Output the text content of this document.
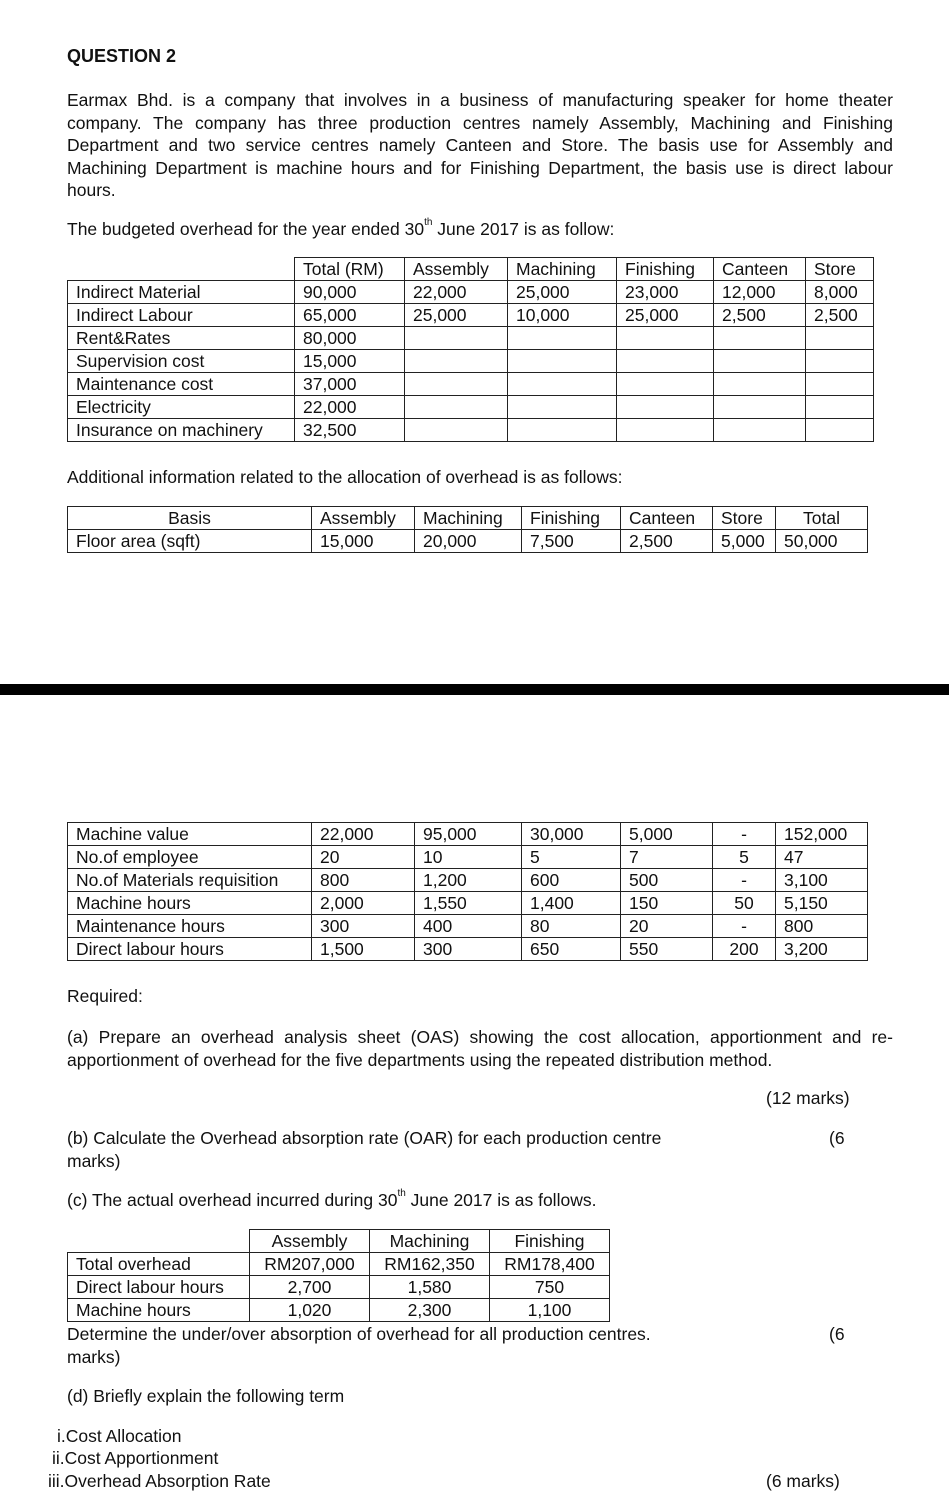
QUESTION 2
Earmax Bhd. is a company that involves in a business of manufacturing speaker for home theater company. The company has three production centres namely Assembly, Machining and Finishing Department and two service centres namely Canteen and Store. The basis use for Assembly and Machining Department is machine hours and for Finishing Department, the basis use is direct labour hours.
The budgeted overhead for the year ended 30th June 2017 is as follow:
	Total (RM)	Assembly	Machining	Finishing	Canteen	Store
Indirect Material	90,000	22,000	25,000	23,000	12,000	8,000
Indirect Labour	65,000	25,000	10,000	25,000	2,500	2,500
Rent&Rates	80,000					
Supervision cost	15,000					
Maintenance cost	37,000					
Electricity	22,000					
Insurance on machinery	32,500					
Additional information related to the allocation of overhead is as follows:
Basis	Assembly	Machining	Finishing	Canteen	Store	Total
Floor area (sqft)	15,000	20,000	7,500	2,500	5,000	50,000
Machine value	22,000	95,000	30,000	5,000	-	152,000
No.of employee	20	10	5	7	5	47
No.of Materials requisition	800	1,200	600	500	-	3,100
Machine hours	2,000	1,550	1,400	150	50	5,150
Maintenance hours	300	400	80	20	-	800
Direct labour hours	1,500	300	650	550	200	3,200
Required:
(a) Prepare an overhead analysis sheet (OAS) showing the cost allocation, apportionment and re-apportionment of overhead for the five departments using the repeated distribution method.
(12 marks)
(b) Calculate the Overhead absorption rate (OAR) for each production centre	(6
marks)
(c) The actual overhead incurred during 30th June 2017 is as follows.
	Assembly	Machining	Finishing
Total overhead	RM207,000	RM162,350	RM178,400
Direct labour hours	2,700	1,580	750
Machine hours	1,020	2,300	1,100
Determine the under/over absorption of overhead for all production centres.	(6
marks)
(d) Briefly explain the following term
i.Cost Allocation
ii.Cost Apportionment
iii.Overhead Absorption Rate	(6 marks)
